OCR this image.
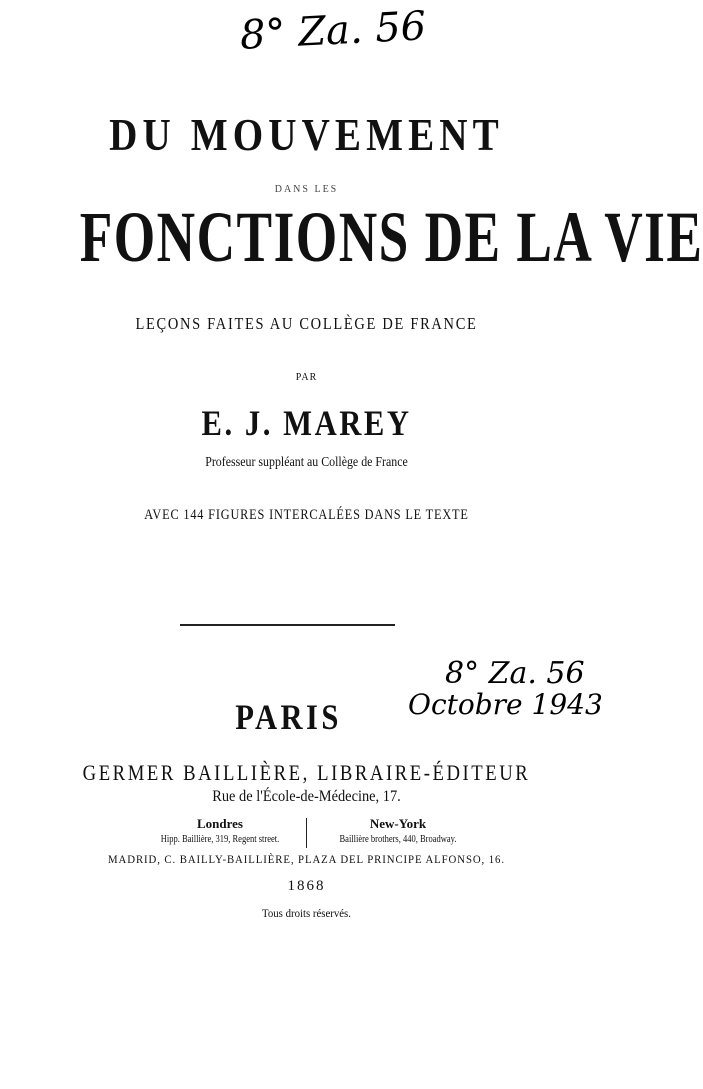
8° Za. 56
DU MOUVEMENT
DANS LES
FONCTIONS DE LA VIE
LEÇONS FAITES AU COLLÈGE DE FRANCE
PAR
E. J. MAREY
Professeur suppléant au Collège de France
AVEC 144 FIGURES INTERCALÉES DANS LE TEXTE
8° Za. 56
Octobre 1943
PARIS
GERMER BAILLIÈRE, LIBRAIRE-ÉDITEUR
Rue de l'École-de-Médecine, 17.
Londres
Hipp. Baillière, 319, Regent street.
New-York
Baillière brothers, 440, Broadway.
MADRID, C. BAILLY-BAILLIÈRE, PLAZA DEL PRINCIPE ALFONSO, 16.
1868
Tous droits réservés.
